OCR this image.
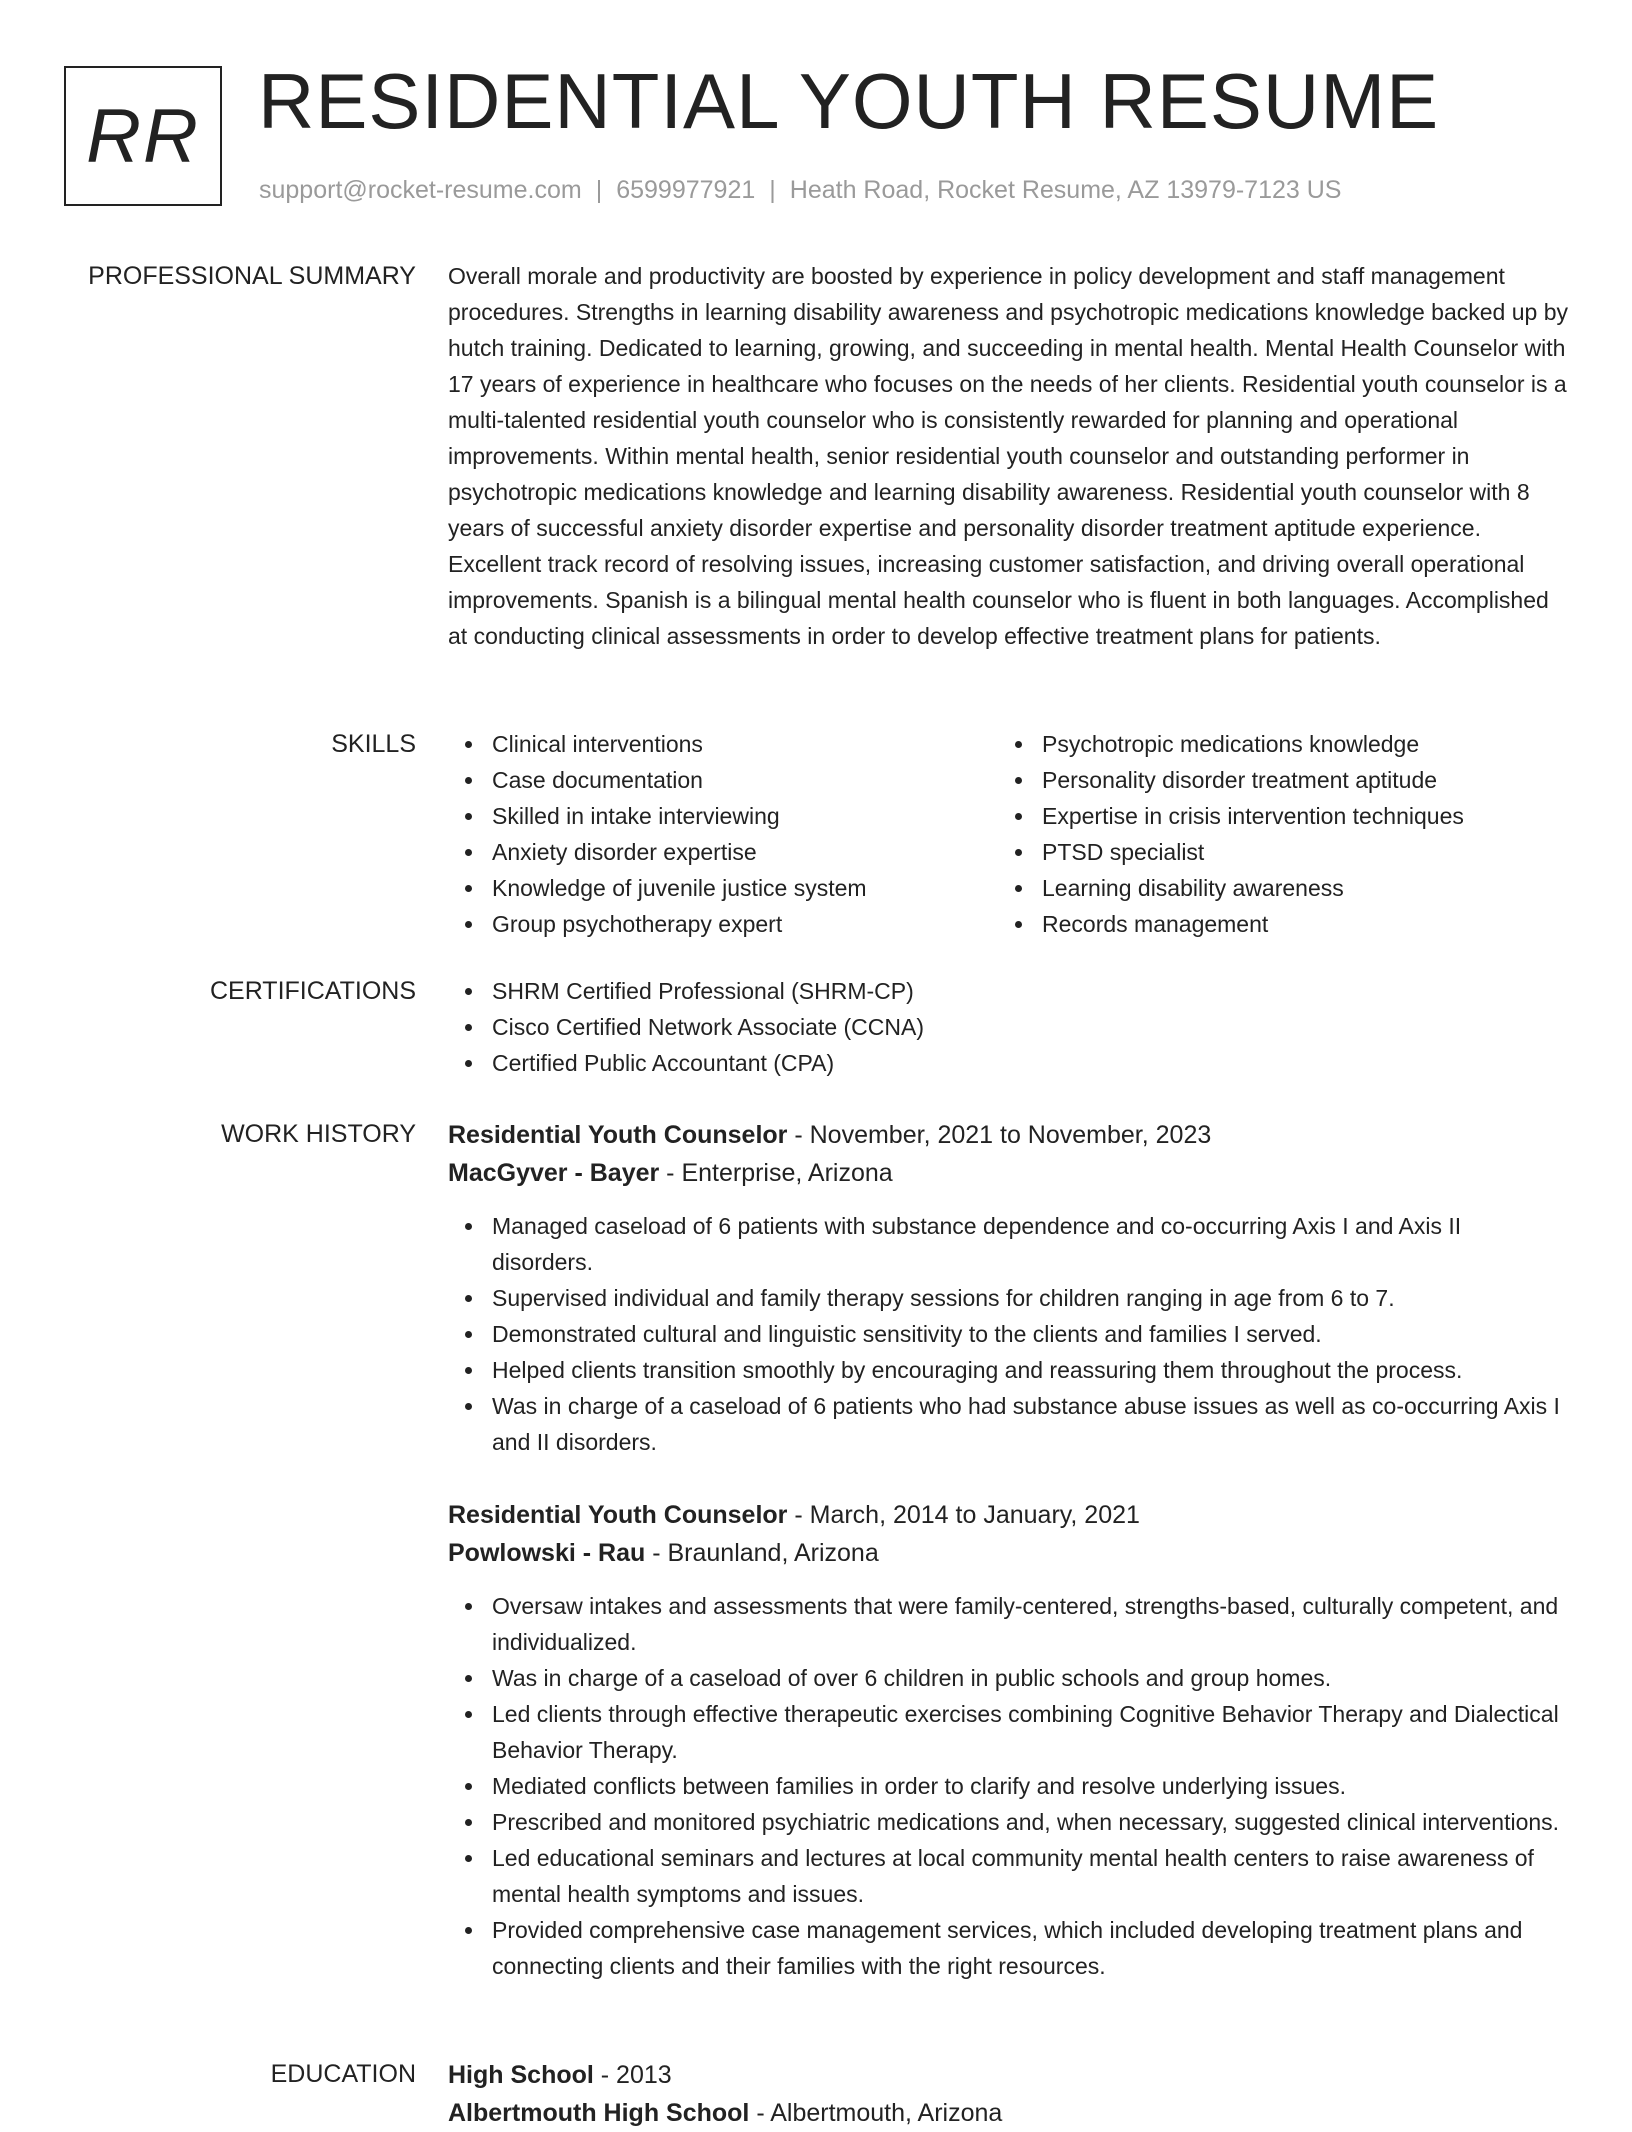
RR RESIDENTIAL YOUTH RESUME
support@rocket-resume.com | 6599977921 | Heath Road, Rocket Resume, AZ 13979-7123 US
PROFESSIONAL SUMMARY Overall morale and productivity are boosted by experience in policy development and staff management procedures. Strengths in learning disability awareness and psychotropic medications knowledge backed up by hutch training. Dedicated to learning, growing, and succeeding in mental health. Mental Health Counselor with 17 years of experience in healthcare who focuses on the needs of her clients. Residential youth counselor is a multi-talented residential youth counselor who is consistently rewarded for planning and operational improvements. Within mental health, senior residential youth counselor and outstanding performer in psychotropic medications knowledge and learning disability awareness. Residential youth counselor with 8 years of successful anxiety disorder expertise and personality disorder treatment aptitude experience. Excellent track record of resolving issues, increasing customer satisfaction, and driving overall operational improvements. Spanish is a bilingual mental health counselor who is fluent in both languages. Accomplished at conducting clinical assessments in order to develop effective treatment plans for patients.

SKILLS	Clinical interventions
Case documentation
Skilled in intake interviewing
Anxiety disorder expertise
Knowledge of juvenile justice system
Group psychotherapy expert
Psychotropic medications knowledge
Personality disorder treatment aptitude
Expertise in crisis intervention techniques
PTSD specialist
Learning disability awareness
Records management
CERTIFICATIONS	SHRM Certified Professional (SHRM-CP)
Cisco Certified Network Associate (CCNA)
Certified Public Accountant (CPA)
WORK HISTORY Residential Youth Counselor - November, 2021 to November, 2023
MacGyver - Bayer - Enterprise, Arizona
Managed caseload of 6 patients with substance dependence and co-occurring Axis I and Axis II disorders.
Supervised individual and family therapy sessions for children ranging in age from 6 to 7.
Demonstrated cultural and linguistic sensitivity to the clients and families I served.
Helped clients transition smoothly by encouraging and reassuring them throughout the process.
Was in charge of a caseload of 6 patients who had substance abuse issues as well as co-occurring Axis I and II disorders.
Residential Youth Counselor - March, 2014 to January, 2021
Powlowski - Rau - Braunland, Arizona
Oversaw intakes and assessments that were family-centered, strengths-based, culturally competent, and individualized.
Was in charge of a caseload of over 6 children in public schools and group homes.
Led clients through effective therapeutic exercises combining Cognitive Behavior Therapy and Dialectical Behavior Therapy.
Mediated conflicts between families in order to clarify and resolve underlying issues.
Prescribed and monitored psychiatric medications and, when necessary, suggested clinical interventions.
Led educational seminars and lectures at local community mental health centers to raise awareness of mental health symptoms and issues.
Provided comprehensive case management services, which included developing treatment plans and connecting clients and their families with the right resources.
EDUCATION High School - 2013
Albertmouth High School - Albertmouth, Arizona
